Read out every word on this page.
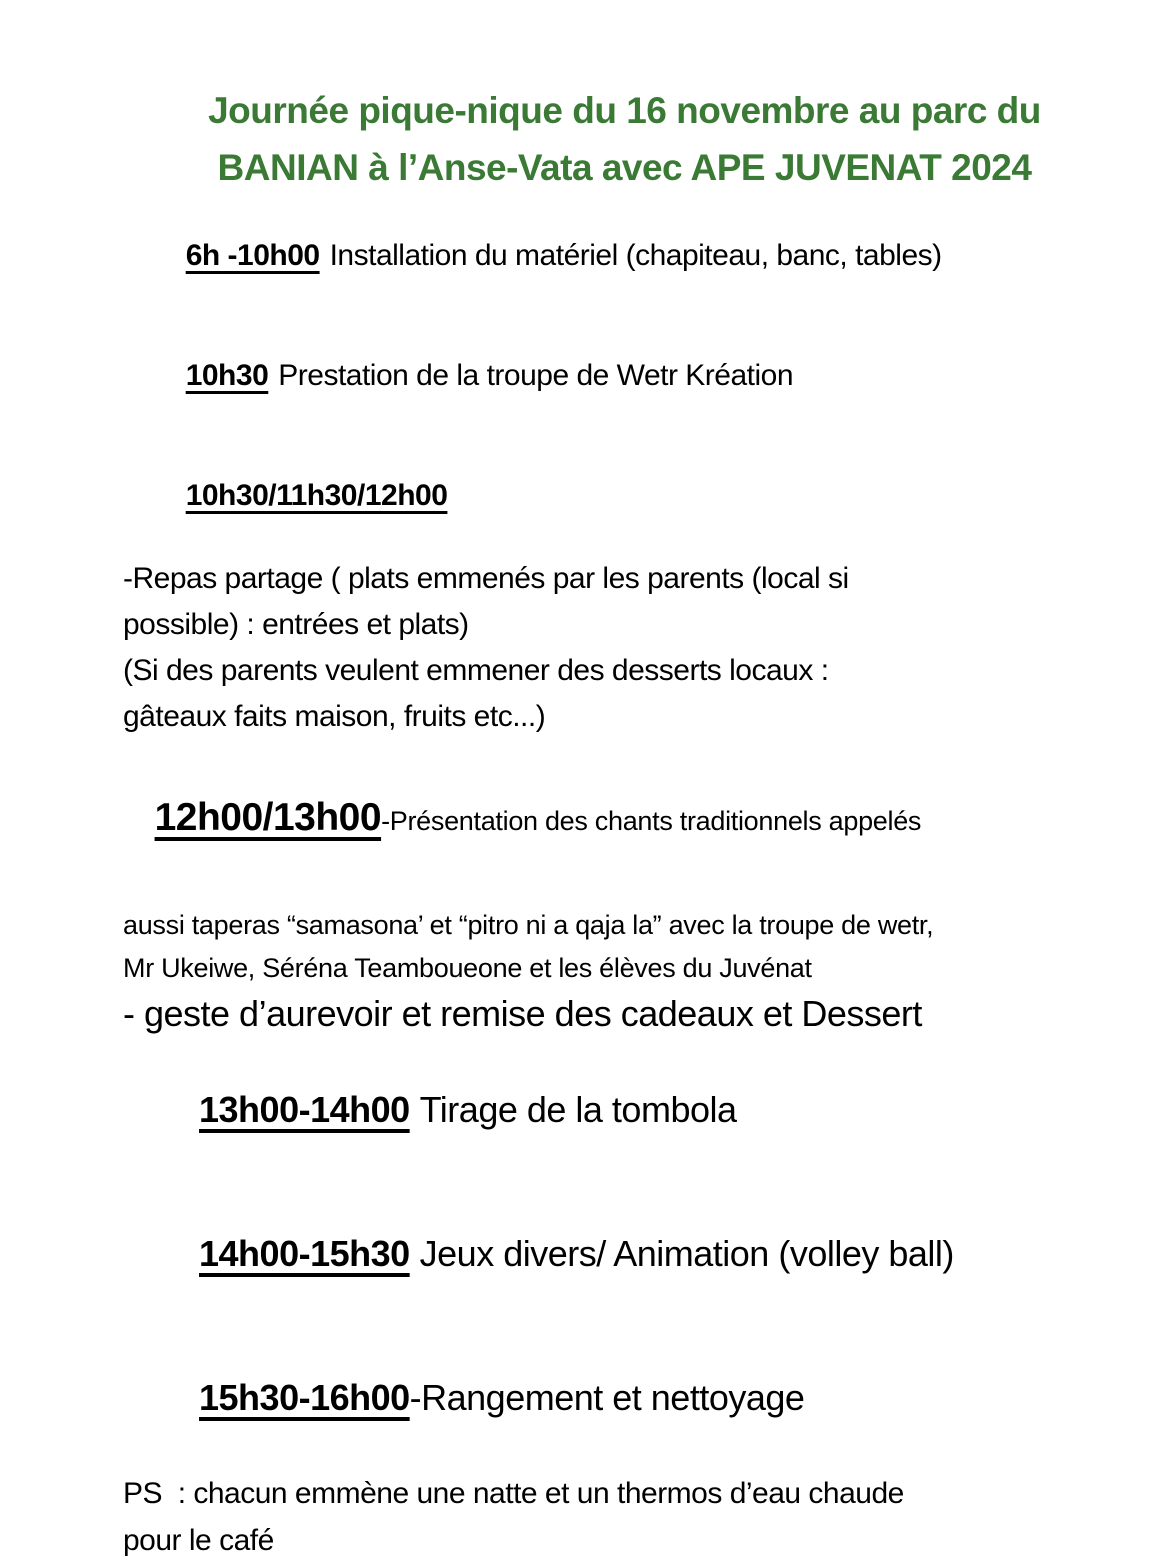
Journée pique-nique du 16 novembre au parc du
BANIAN à l’Anse-Vata avec APE JUVENAT 2024

6h -10h00 Installation du matériel (chapiteau, banc, tables)

10h30 Prestation de la troupe de Wetr Kréation

10h30/11h30/12h00

-Repas partage ( plats emmenés par les parents (local si
possible) : entrées et plats)

(Si des parents veulent emmener des desserts locaux :
gâteaux faits maison, fruits etc...)

12h00/13h00-Présentation des chants traditionnels appelés

aussi taperas “samasona’ et “pitro ni a qaja la” avec la troupe de wetr,
Mr Ukeiwe, Séréna Teamboueone et les élèves du Juvénat

- geste d’aurevoir et remise des cadeaux et Dessert

13h00-14h00 Tirage de la tombola

14h00-15h30 Jeux divers/ Animation (volley ball)

15h30-16h00-Rangement et nettoyage

PS  : chacun emmène une natte et un thermos d’eau chaude
pour le café
